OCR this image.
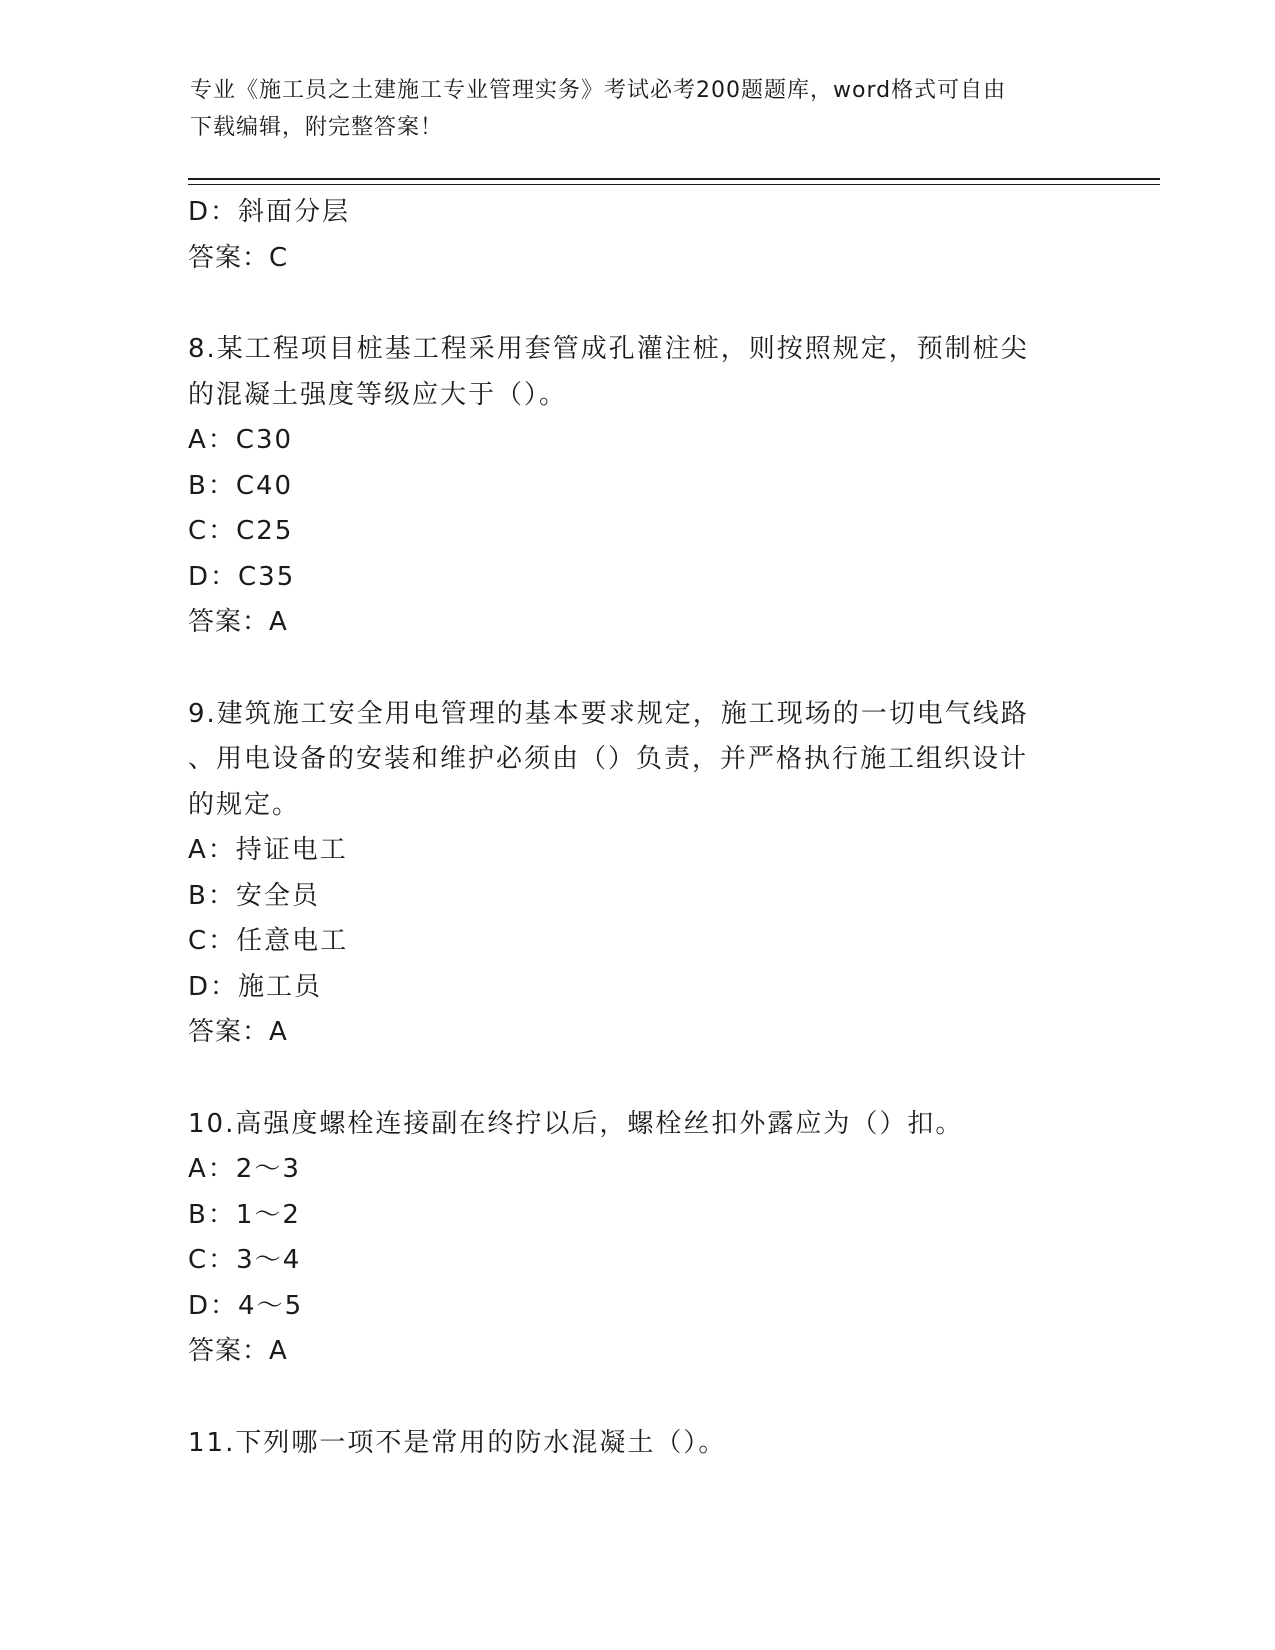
专业《施工员之土建施工专业管理实务》考试必考200题题库，word格式可自由
下载编辑，附完整答案！
D：斜面分层
答案：C
8.某工程项目桩基工程采用套管成孔灌注桩，则按照规定，预制桩尖
的混凝土强度等级应大于（）。
A：C30
B：C40
C：C25
D：C35
答案：A
9.建筑施工安全用电管理的基本要求规定，施工现场的一切电气线路
、用电设备的安装和维护必须由（）负责，并严格执行施工组织设计
的规定。
A：持证电工
B：安全员
C：任意电工
D：施工员
答案：A
10.高强度螺栓连接副在终拧以后，螺栓丝扣外露应为（）扣。
A：2～3
B：1～2
C：3～4
D：4～5
答案：A
11.下列哪一项不是常用的防水混凝土（）。
